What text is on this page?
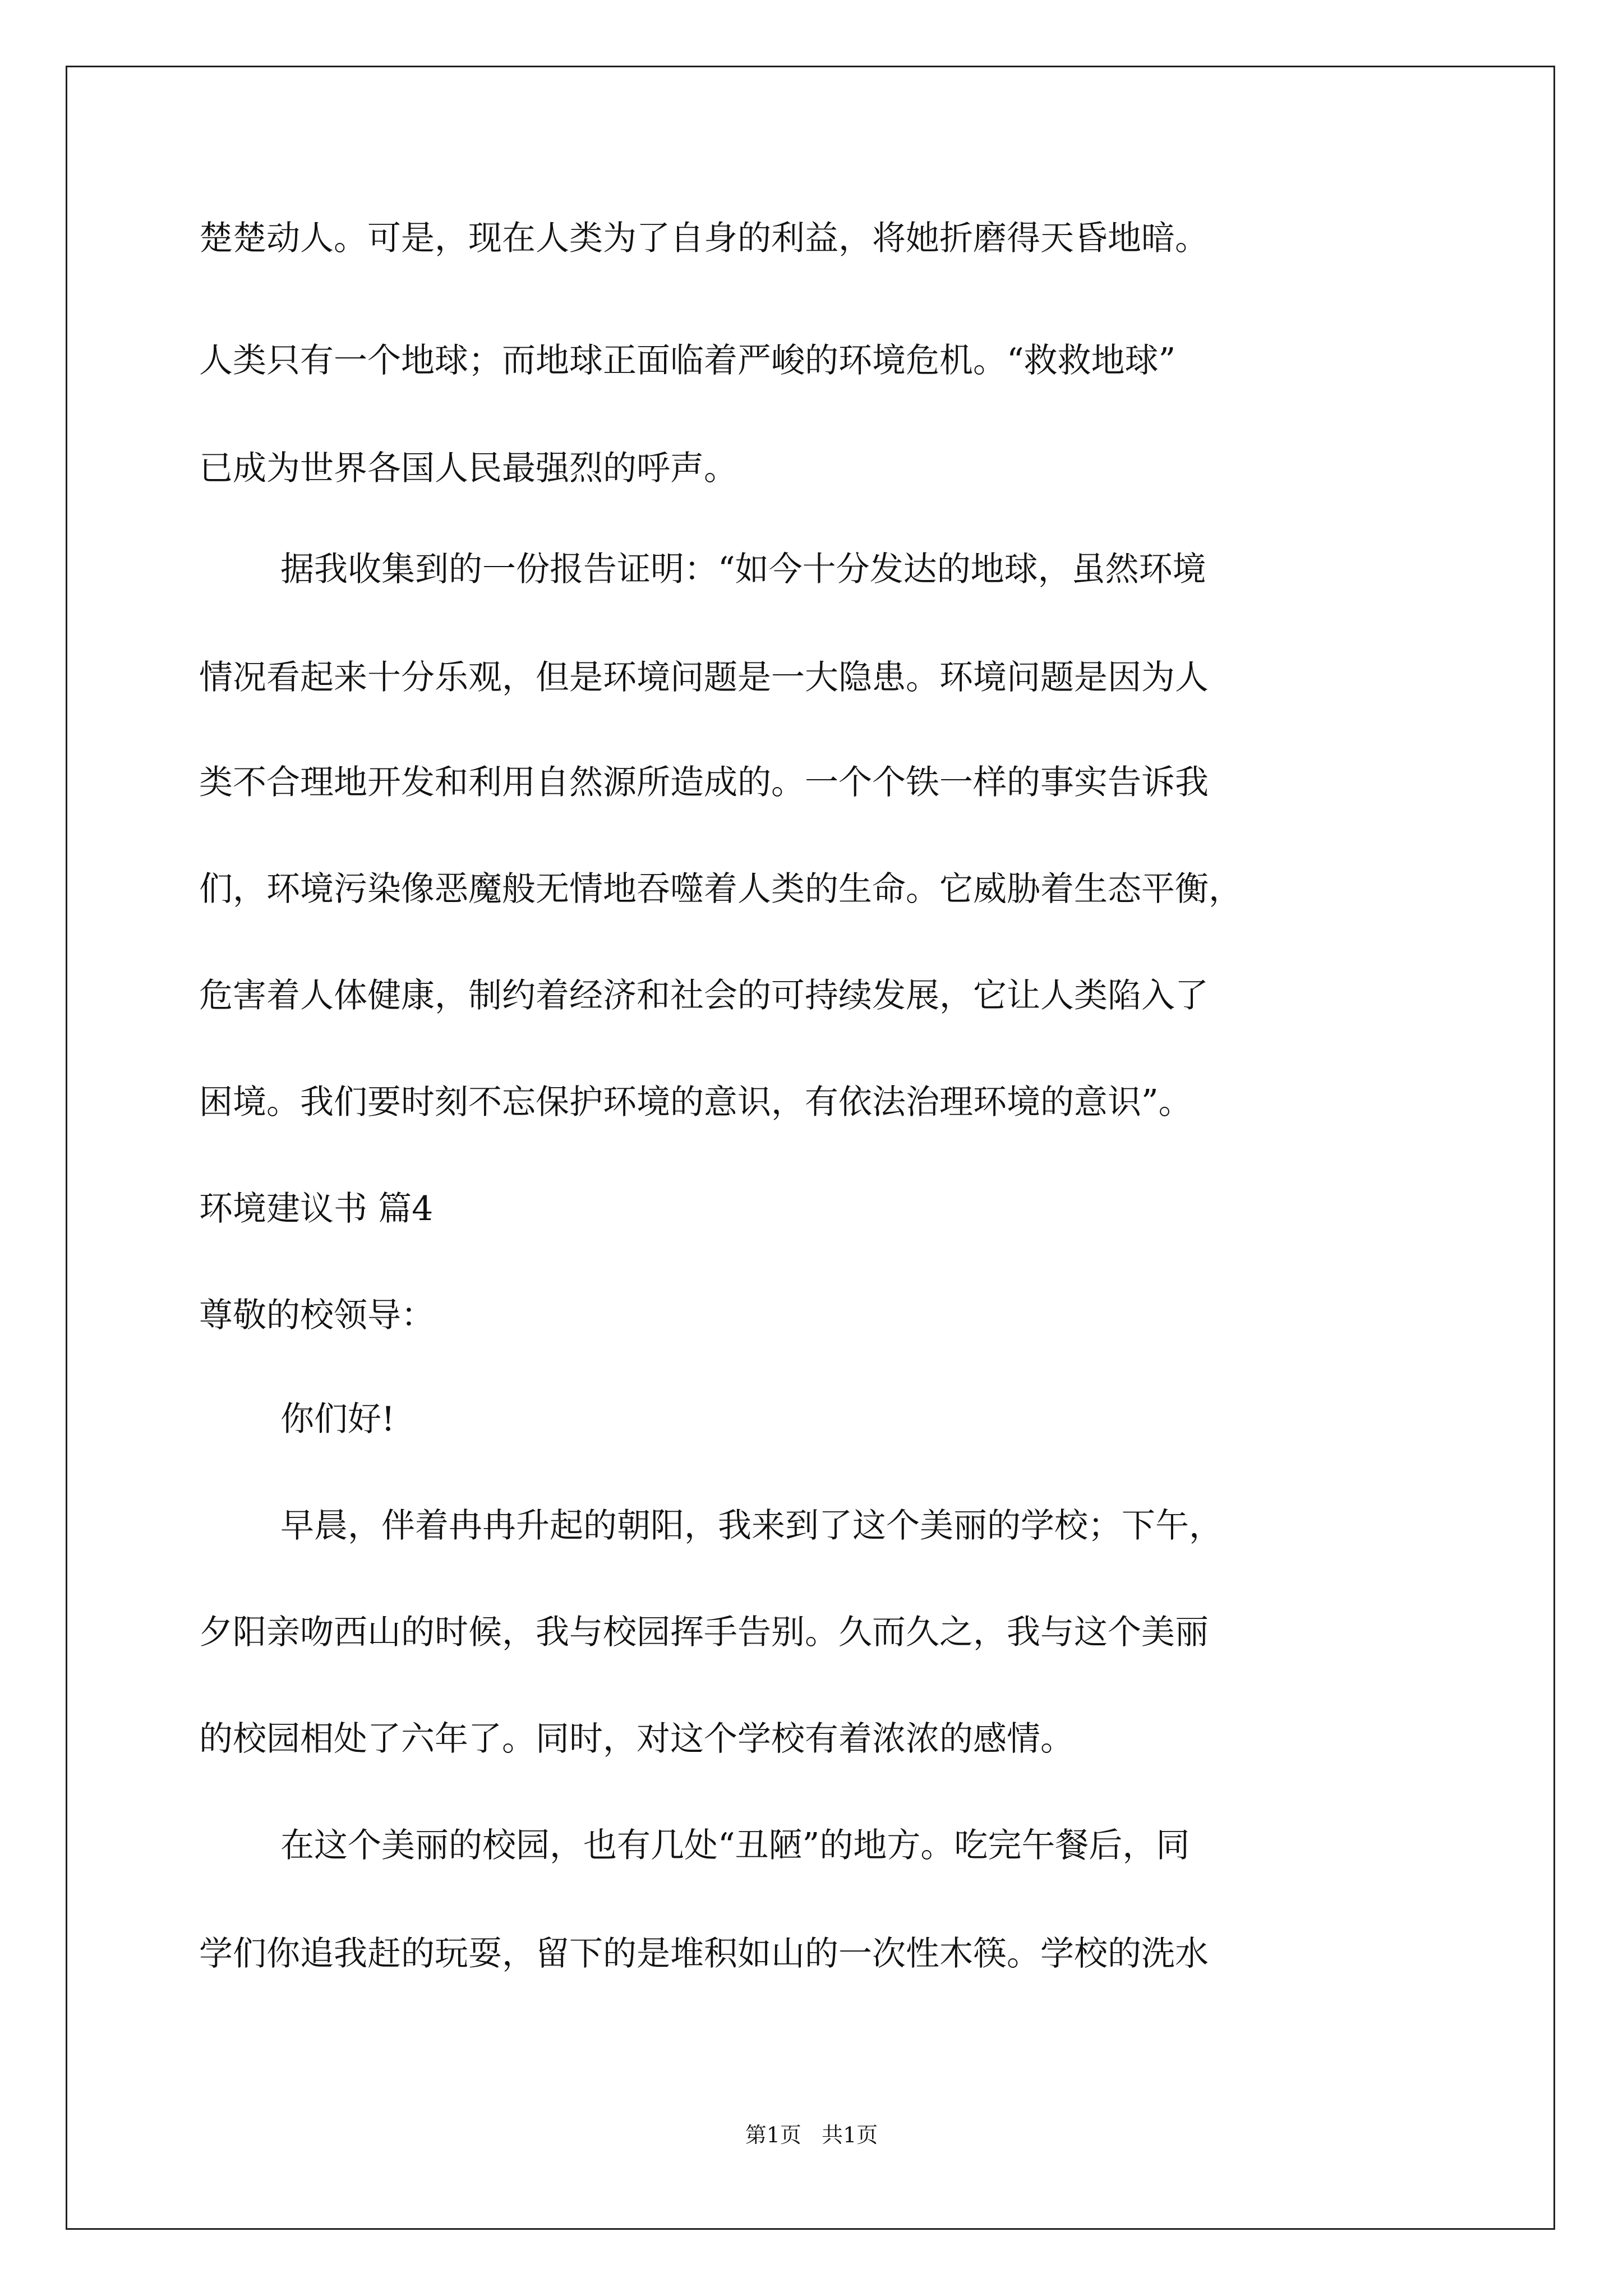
楚楚动人。可是，现在人类为了自身的利益，将她折磨得天昏地暗。
人类只有一个地球；而地球正面临着严峻的环境危机。“救救地球”
已成为世界各国人民最强烈的呼声。
据我收集到的一份报告证明：“如今十分发达的地球，虽然环境
情况看起来十分乐观，但是环境问题是一大隐患。环境问题是因为人
类不合理地开发和利用自然源所造成的。一个个铁一样的事实告诉我
们，环境污染像恶魔般无情地吞噬着人类的生命。它威胁着生态平衡，
危害着人体健康，制约着经济和社会的可持续发展，它让人类陷入了
困境。我们要时刻不忘保护环境的意识，有依法治理环境的意识”。
环境建议书 篇4
尊敬的校领导：
你们好!
早晨，伴着冉冉升起的朝阳，我来到了这个美丽的学校；下午，
夕阳亲吻西山的时候，我与校园挥手告别。久而久之，我与这个美丽
的校园相处了六年了。同时，对这个学校有着浓浓的感情。
在这个美丽的校园，也有几处“丑陋”的地方。吃完午餐后，同
学们你追我赶的玩耍，留下的是堆积如山的一次性木筷。学校的洗水
第1页   共1页
